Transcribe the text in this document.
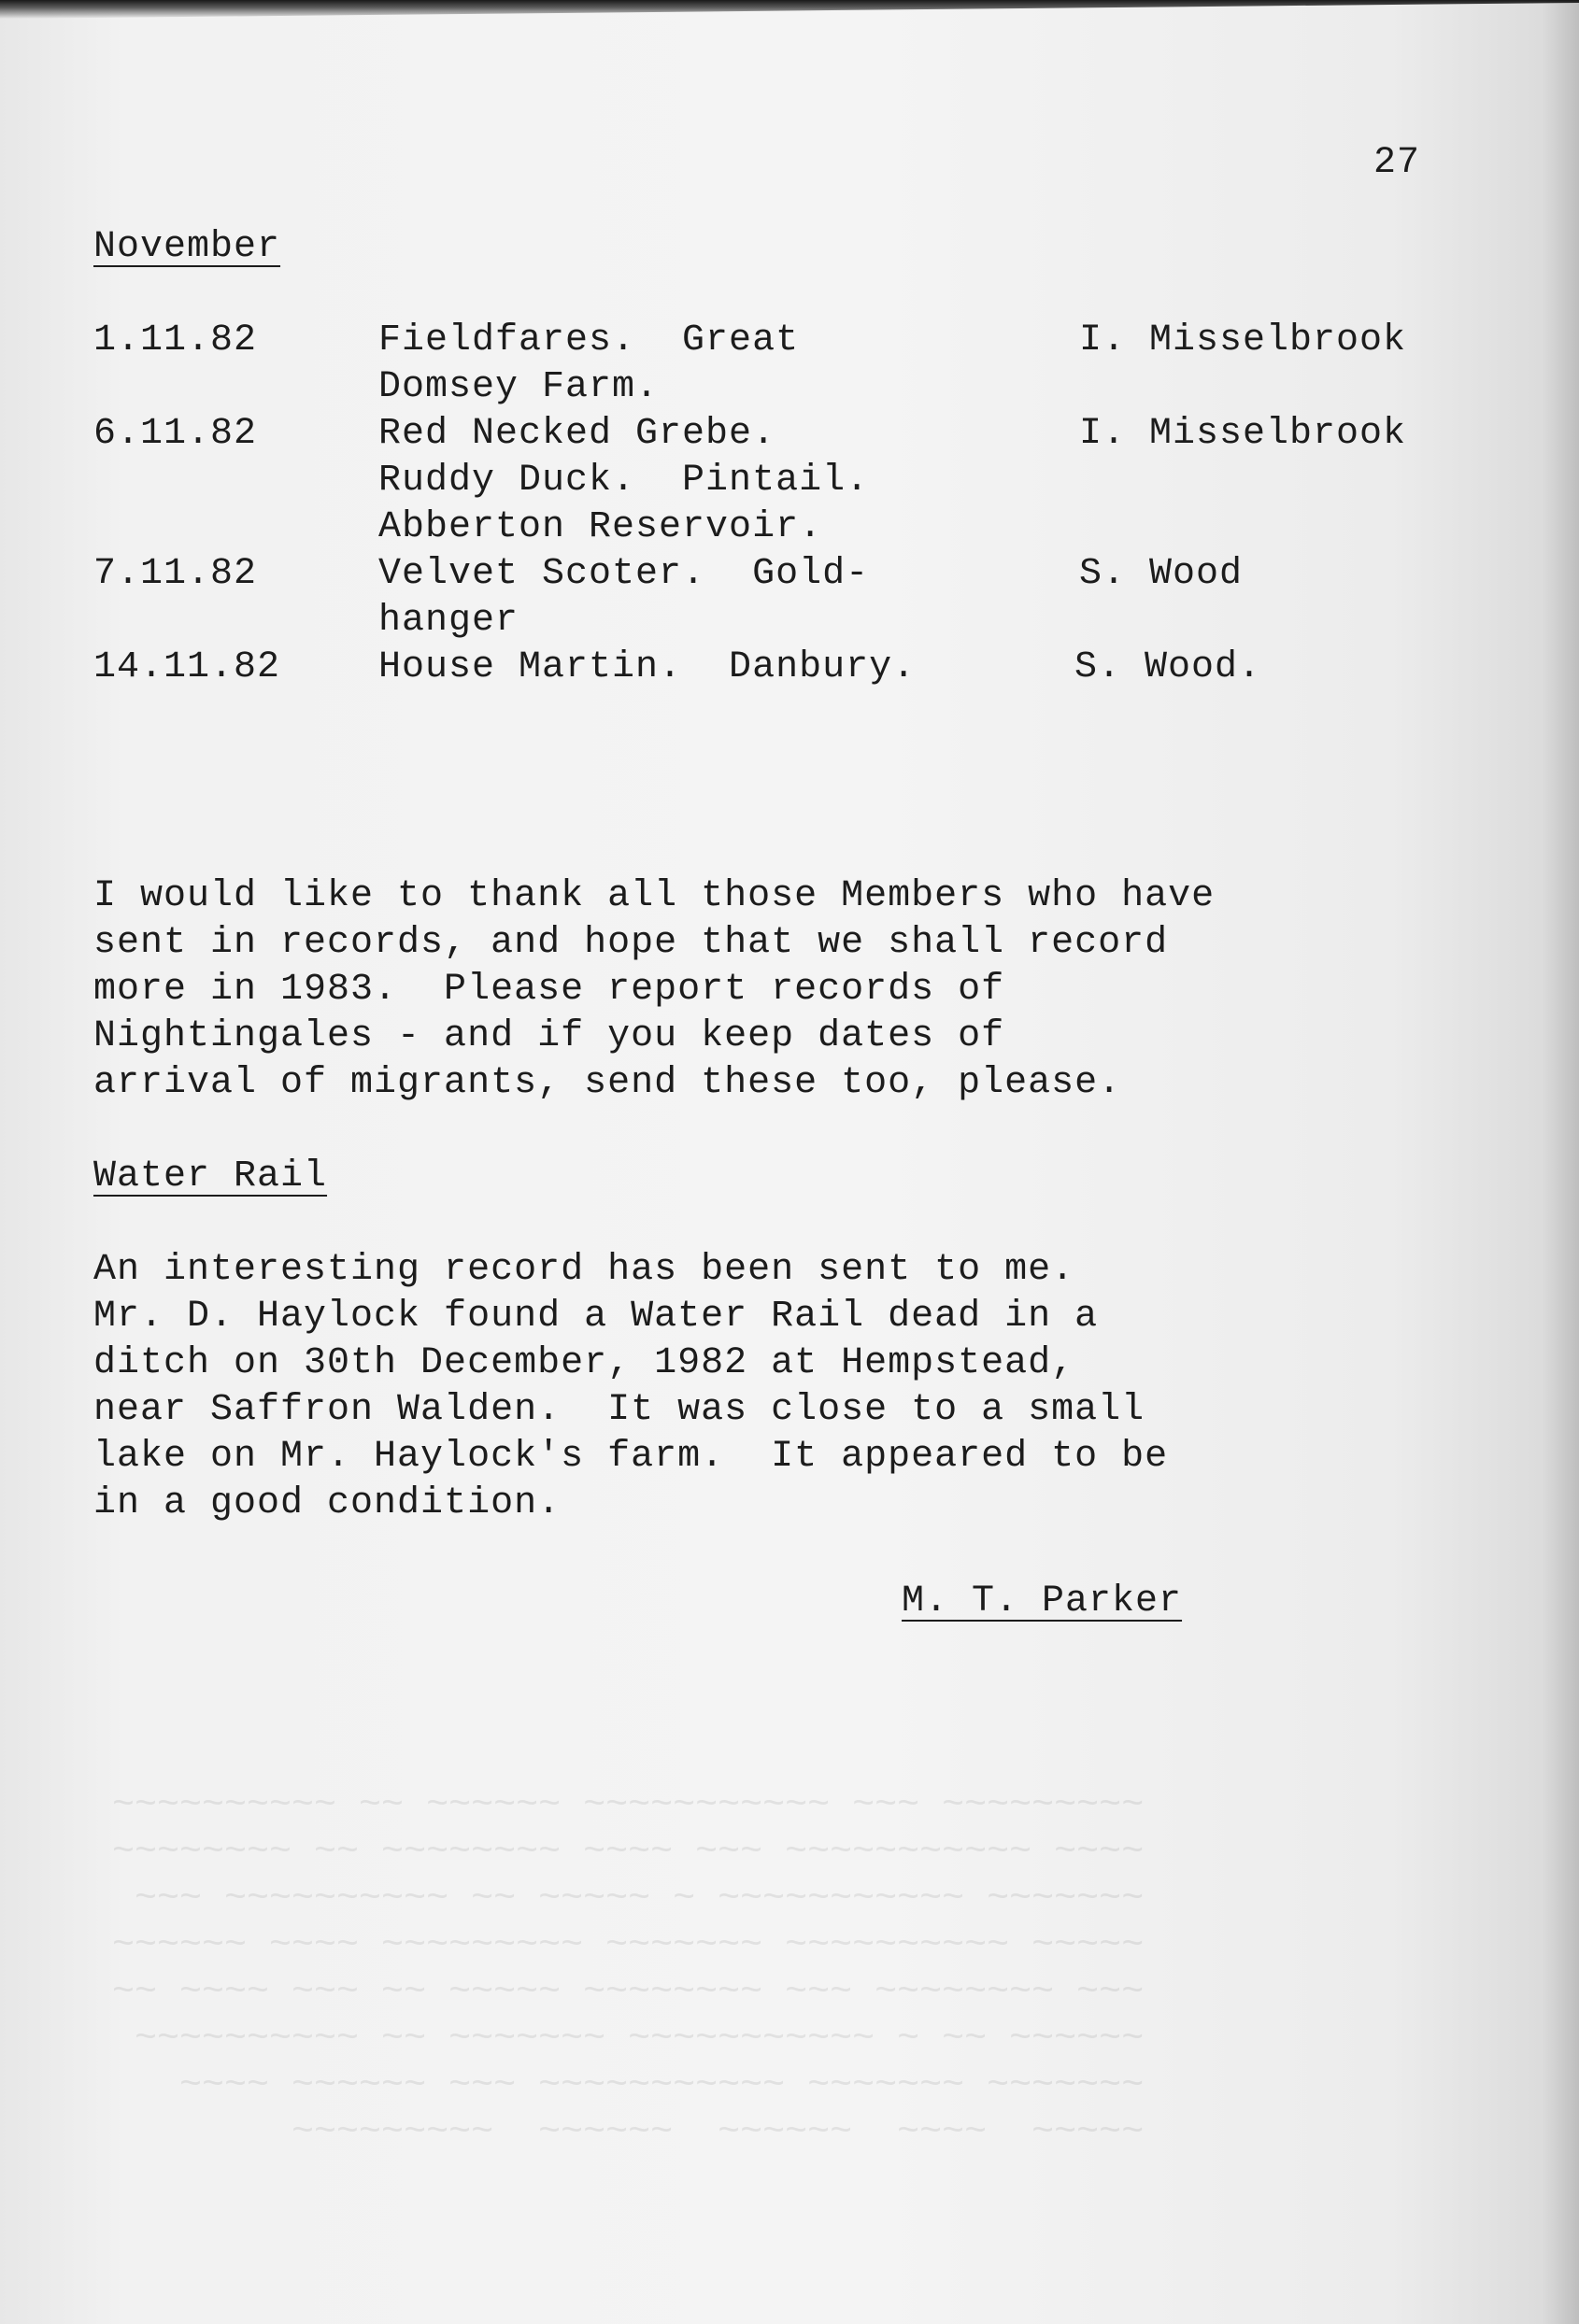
~~~~~  ~~~~  ~~~~~~  ~~~~~~  ~~~~~~~~~
~~~~~~~ ~~~~~~~ ~~~~~~~~~~~ ~~~ ~~~~~~ ~~~~
~~~~~~ ~~ ~ ~~~~~~~~~~~ ~~~~~~~ ~~ ~~~~~~~~~~
~~~ ~~~~~~~~ ~~~ ~~~~~~~~ ~~~~~ ~~ ~~~ ~~~~ ~~
~~~~~ ~~~~~~~~~~ ~~~~~~~ ~~~~~~~~~ ~~~~ ~~~~~~
~~~~~~~ ~~~~~~~~~~~ ~ ~~~~~ ~~ ~~~~~~~~~~ ~~~
~~~~ ~~~~~~~~~~~ ~~~ ~~~~ ~~~~~~~~ ~~ ~~~~~~~~
~~~~~~~~~ ~~~ ~~~~~~~~~~~ ~~~~~~ ~~ ~~~~~~~~~~
27
November
1.11.82	Fieldfares.  Great	I. Misselbrook
Domsey Farm.
6.11.82	Red Necked Grebe.	I. Misselbrook
Ruddy Duck.  Pintail.
Abberton Reservoir.
7.11.82	Velvet Scoter.  Gold-	S. Wood
hanger
14.11.82	House Martin.  Danbury.	S. Wood.
I would like to thank all those Members who have
sent in records, and hope that we shall record
more in 1983.  Please report records of
Nightingales - and if you keep dates of
arrival of migrants, send these too, please.
Water Rail
An interesting record has been sent to me.
Mr. D. Haylock found a Water Rail dead in a
ditch on 30th December, 1982 at Hempstead,
near Saffron Walden.  It was close to a small
lake on Mr. Haylock's farm.  It appeared to be
in a good condition.
M. T. Parker
